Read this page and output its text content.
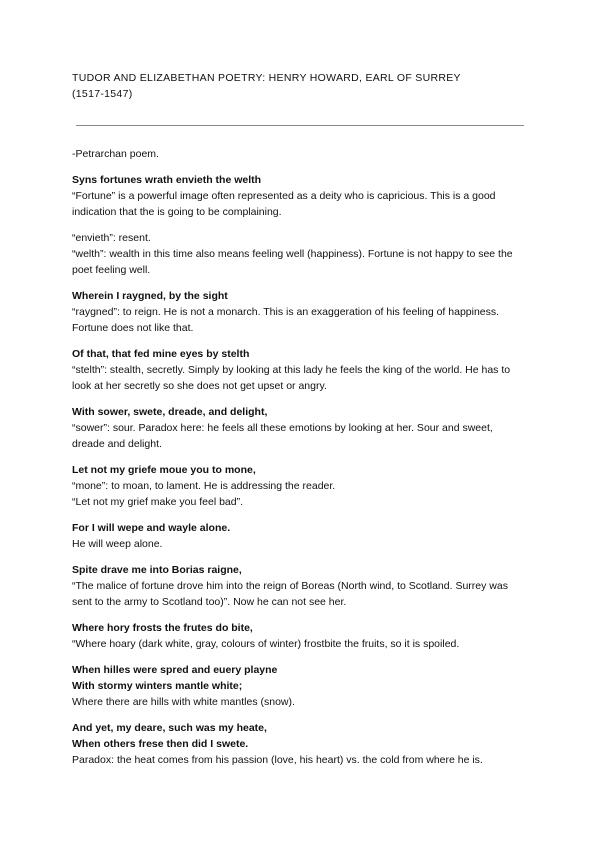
TUDOR AND ELIZABETHAN POETRY: HENRY HOWARD, EARL OF SURREY
(1517-1547)

-Petrarchan poem.

Syns fortunes wrath envieth the welth

“Fortune” is a powerful image often represented as a deity who is capricious. This is a good indication that the is going to be complaining.

“envieth”: resent.

“welth”: wealth in this time also means feeling well (happiness). Fortune is not happy to see the poet feeling well.

Wherein I raygned, by the sight

“raygned”: to reign. He is not a monarch. This is an exaggeration of his feeling of happiness. Fortune does not like that.

Of that, that fed mine eyes by stelth

“stelth”: stealth, secretly. Simply by looking at this lady he feels the king of the world. He has to look at her secretly so she does not get upset or angry.

With sower, swete, dreade, and delight,

“sower”: sour. Paradox here: he feels all these emotions by looking at her. Sour and sweet, dreade and delight.

Let not my griefe moue you to mone,

“mone”: to moan, to lament. He is addressing the reader.

“Let not my grief make you feel bad”.

For I will wepe and wayle alone.

He will weep alone.

Spite drave me into Borias raigne,

“The malice of fortune drove him into the reign of Boreas (North wind, to Scotland. Surrey was sent to the army to Scotland too)”. Now he can not see her.

Where hory frosts the frutes do bite,

“Where hoary (dark white, gray, colours of winter) frostbite the fruits, so it is spoiled.

When hilles were spred and euery playne

With stormy winters mantle white;

Where there are hills with white mantles (snow).

And yet, my deare, such was my heate,

When others frese then did I swete.

Paradox: the heat comes from his passion (love, his heart) vs. the cold from where he is.
